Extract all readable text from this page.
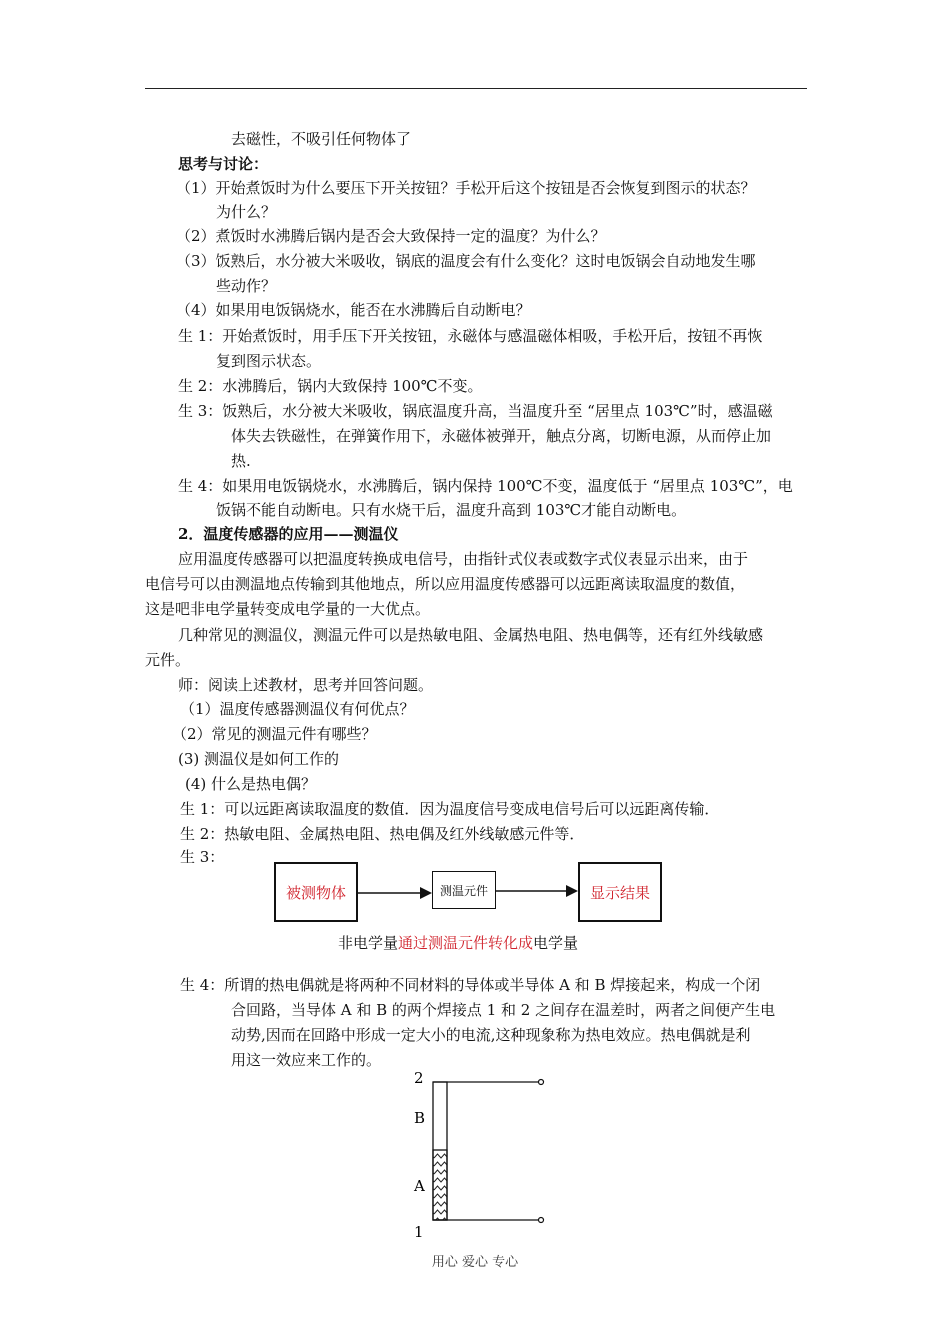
去磁性，不吸引任何物体了
思考与讨论：
（1）开始煮饭时为什么要压下开关按钮？手松开后这个按钮是否会恢复到图示的状态？
为什么？
（2）煮饭时水沸腾后锅内是否会大致保持一定的温度？为什么？
（3）饭熟后，水分被大米吸收，锅底的温度会有什么变化？这时电饭锅会自动地发生哪
些动作？
（4）如果用电饭锅烧水，能否在水沸腾后自动断电？
生 1：开始煮饭时，用手压下开关按钮，永磁体与感温磁体相吸，手松开后，按钮不再恢
复到图示状态。
生 2：水沸腾后，锅内大致保持 100℃不变。
生 3：饭熟后，水分被大米吸收，锅底温度升高，当温度升至 “居里点 103℃”时，感温磁
体失去铁磁性，在弹簧作用下，永磁体被弹开，触点分离，切断电源，从而停止加
热.
生 4：如果用电饭锅烧水，水沸腾后，锅内保持 100℃不变，温度低于 “居里点 103℃”，电
饭锅不能自动断电。只有水烧干后，温度升高到 103℃才能自动断电。
2．温度传感器的应用——测温仪
应用温度传感器可以把温度转换成电信号，由指针式仪表或数字式仪表显示出来，由于
电信号可以由测温地点传输到其他地点，所以应用温度传感器可以远距离读取温度的数值，
这是吧非电学量转变成电学量的一大优点。
几种常见的测温仪，测温元件可以是热敏电阻、金属热电阻、热电偶等，还有红外线敏感
元件。
师：阅读上述教材，思考并回答问题。
（1）温度传感器测温仪有何优点？
（2）常见的测温元件有哪些？
(3) 测温仪是如何工作的
(4) 什么是热电偶？
生 1：可以远距离读取温度的数值．因为温度信号变成电信号后可以远距离传输．
生 2：热敏电阻、金属热电阻、热电偶及红外线敏感元件等．
生 3：
被测物体	测温元件	显示结果
非电学量通过测温元件转化成电学量
生 4：所谓的热电偶就是将两种不同材料的导体或半导体 A 和 B 焊接起来，构成一个闭
合回路，当导体 A 和 B 的两个焊接点 1 和 2 之间存在温差时，两者之间便产生电
动势,因而在回路中形成一定大小的电流,这种现象称为热电效应。热电偶就是利
用这一效应来工作的。
2
B
A
1
用心 爱心 专心
